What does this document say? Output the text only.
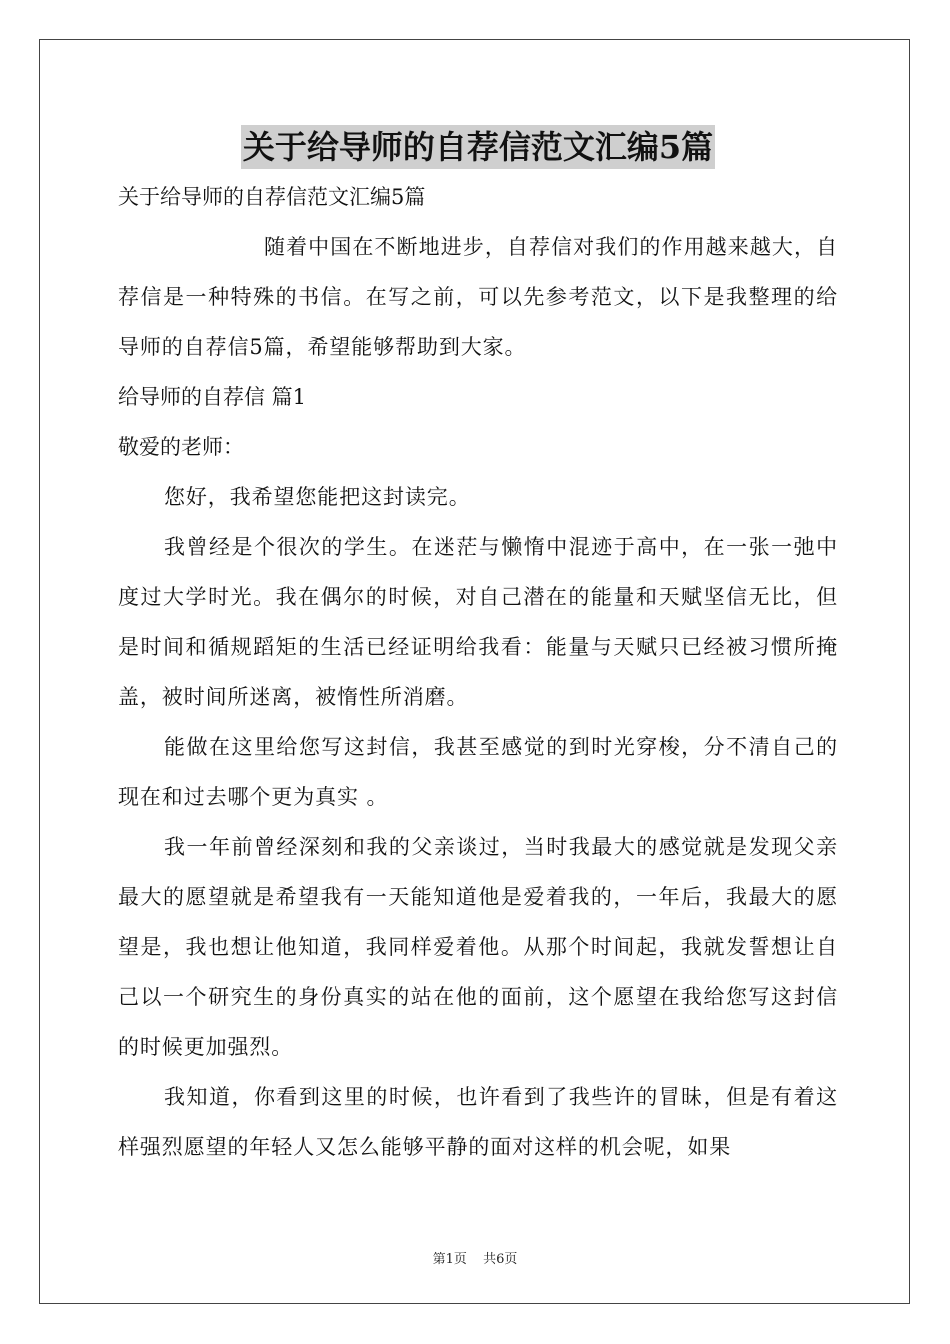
关于给导师的自荐信范文汇编5篇

关于给导师的自荐信范文汇编5篇

随着中国在不断地进步，自荐信对我们的作用越来越大，自荐信是一种特殊的书信。在写之前，可以先参考范文，以下是我整理的给导师的自荐信5篇，希望能够帮助到大家。

给导师的自荐信 篇1

敬爱的老师：

您好，我希望您能把这封读完。

我曾经是个很次的学生。在迷茫与懒惰中混迹于高中，在一张一弛中度过大学时光。我在偶尔的时候，对自己潜在的能量和天赋坚信无比，但是时间和循规蹈矩的生活已经证明给我看：能量与天赋只已经被习惯所掩盖，被时间所迷离，被惰性所消磨。

能做在这里给您写这封信，我甚至感觉的到时光穿梭，分不清自己的现在和过去哪个更为真实 。

我一年前曾经深刻和我的父亲谈过，当时我最大的感觉就是发现父亲最大的愿望就是希望我有一天能知道他是爱着我的，一年后，我最大的愿望是，我也想让他知道，我同样爱着他。从那个时间起，我就发誓想让自己以一个研究生的身份真实的站在他的面前，这个愿望在我给您写这封信的时候更加强烈。

我知道，你看到这里的时候，也许看到了我些许的冒昧，但是有着这样强烈愿望的年轻人又怎么能够平静的面对这样的机会呢，如果

第1页 共6页
